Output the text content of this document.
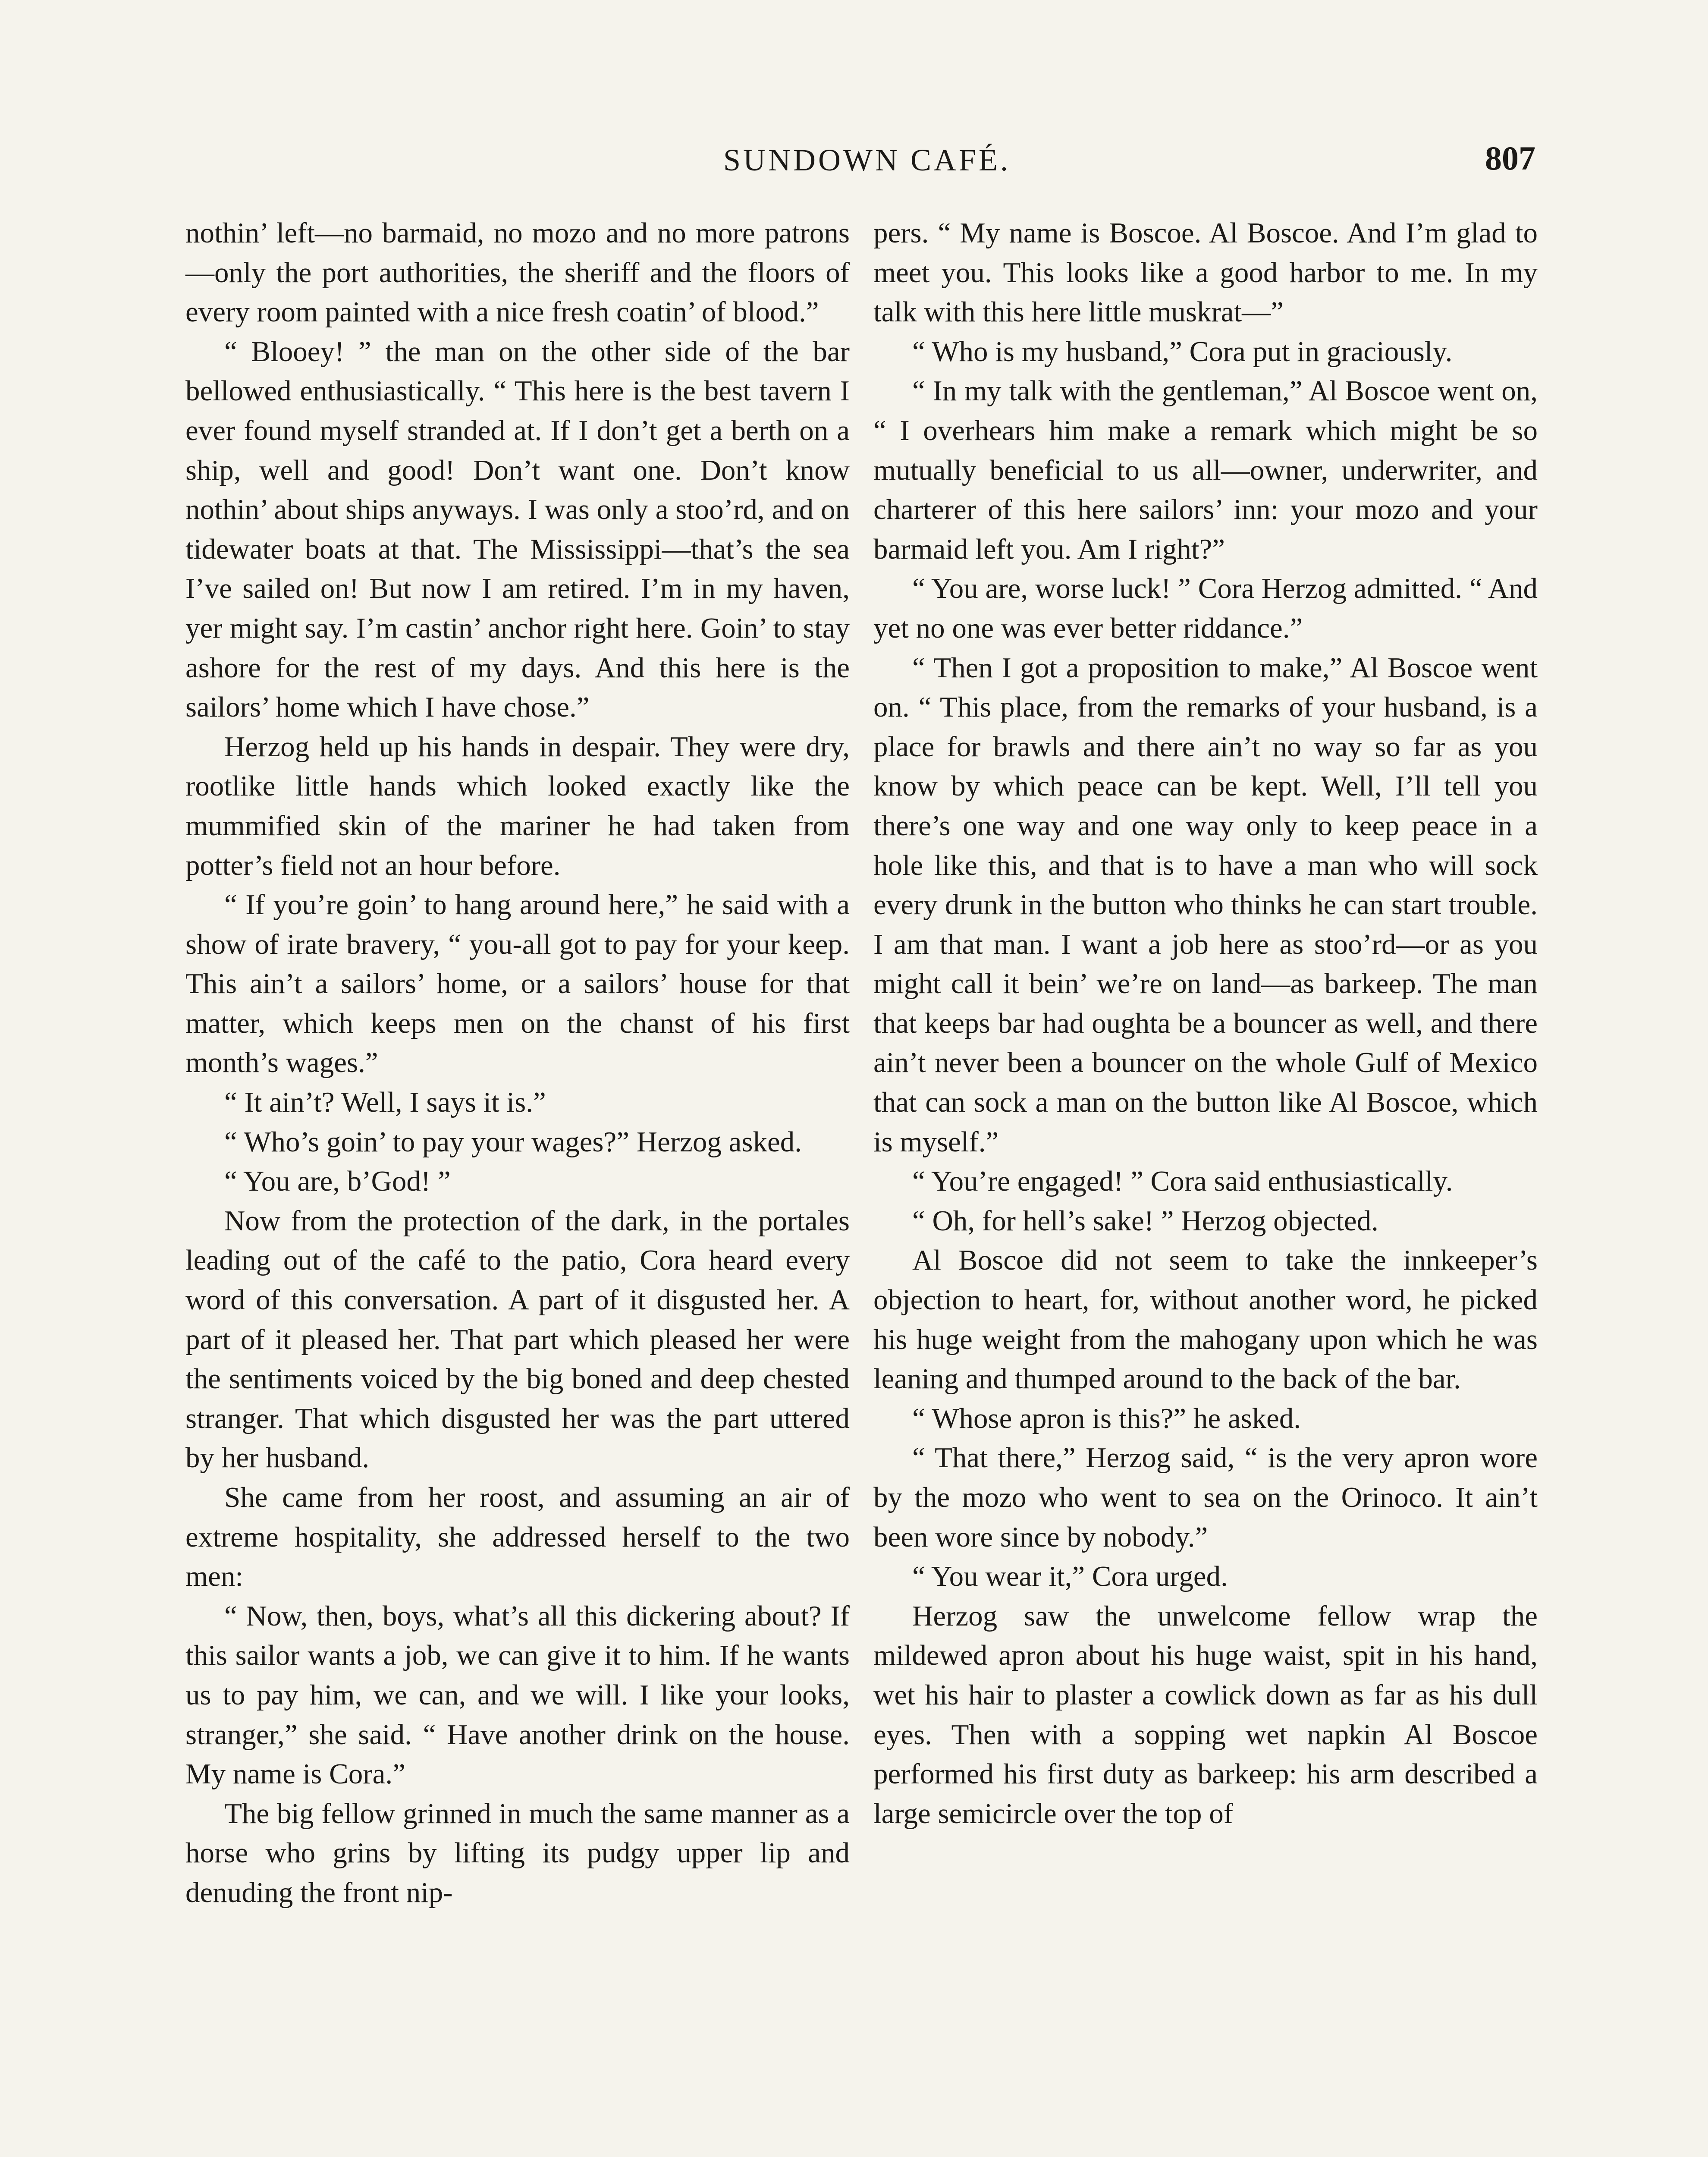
SUNDOWN CAFÉ.	807

nothin’ left—no barmaid, no mozo and no more patrons—only the port authorities, the sheriff and the floors of every room painted with a nice fresh coatin’ of blood.”

“ Blooey! ” the man on the other side of the bar bellowed enthusiastically. “ This here is the best tavern I ever found myself stranded at. If I don’t get a berth on a ship, well and good! Don’t want one. Don’t know nothin’ about ships anyways. I was only a stoo’rd, and on tidewater boats at that. The Mississippi—that’s the sea I’ve sailed on! But now I am retired. I’m in my haven, yer might say. I’m castin’ anchor right here. Goin’ to stay ashore for the rest of my days. And this here is the sailors’ home which I have chose.”

Herzog held up his hands in despair. They were dry, rootlike little hands which looked exactly like the mummified skin of the mariner he had taken from potter’s field not an hour before.

“ If you’re goin’ to hang around here,” he said with a show of irate bravery, “ you-all got to pay for your keep. This ain’t a sailors’ home, or a sailors’ house for that matter, which keeps men on the chanst of his first month’s wages.”

“ It ain’t? Well, I says it is.”

“ Who’s goin’ to pay your wages?” Herzog asked.

“ You are, b’God! ”

Now from the protection of the dark, in the portales leading out of the café to the patio, Cora heard every word of this conversation. A part of it disgusted her. A part of it pleased her. That part which pleased her were the sentiments voiced by the big boned and deep chested stranger. That which disgusted her was the part uttered by her husband.

She came from her roost, and assuming an air of extreme hospitality, she addressed herself to the two men:

“ Now, then, boys, what’s all this dickering about? If this sailor wants a job, we can give it to him. If he wants us to pay him, we can, and we will. I like your looks, stranger,” she said. “ Have another drink on the house. My name is Cora.”

The big fellow grinned in much the same manner as a horse who grins by lifting its pudgy upper lip and denuding the front nip-

pers. “ My name is Boscoe. Al Boscoe. And I’m glad to meet you. This looks like a good harbor to me. In my talk with this here little muskrat—”

“ Who is my husband,” Cora put in graciously.

“ In my talk with the gentleman,” Al Boscoe went on, “ I overhears him make a remark which might be so mutually beneficial to us all—owner, underwriter, and charterer of this here sailors’ inn: your mozo and your barmaid left you. Am I right?”

“ You are, worse luck! ” Cora Herzog admitted. “ And yet no one was ever better riddance.”

“ Then I got a proposition to make,” Al Boscoe went on. “ This place, from the remarks of your husband, is a place for brawls and there ain’t no way so far as you know by which peace can be kept. Well, I’ll tell you there’s one way and one way only to keep peace in a hole like this, and that is to have a man who will sock every drunk in the button who thinks he can start trouble. I am that man. I want a job here as stoo’rd—or as you might call it bein’ we’re on land—as barkeep. The man that keeps bar had oughta be a bouncer as well, and there ain’t never been a bouncer on the whole Gulf of Mexico that can sock a man on the button like Al Boscoe, which is myself.”

“ You’re engaged! ” Cora said enthusiastically.

“ Oh, for hell’s sake! ” Herzog objected.

Al Boscoe did not seem to take the innkeeper’s objection to heart, for, without another word, he picked his huge weight from the mahogany upon which he was leaning and thumped around to the back of the bar.

“ Whose apron is this?” he asked.

“ That there,” Herzog said, “ is the very apron wore by the mozo who went to sea on the Orinoco. It ain’t been wore since by nobody.”

“ You wear it,” Cora urged.

Herzog saw the unwelcome fellow wrap the mildewed apron about his huge waist, spit in his hand, wet his hair to plaster a cowlick down as far as his dull eyes. Then with a sopping wet napkin Al Boscoe performed his first duty as barkeep: his arm described a large semicircle over the top of
